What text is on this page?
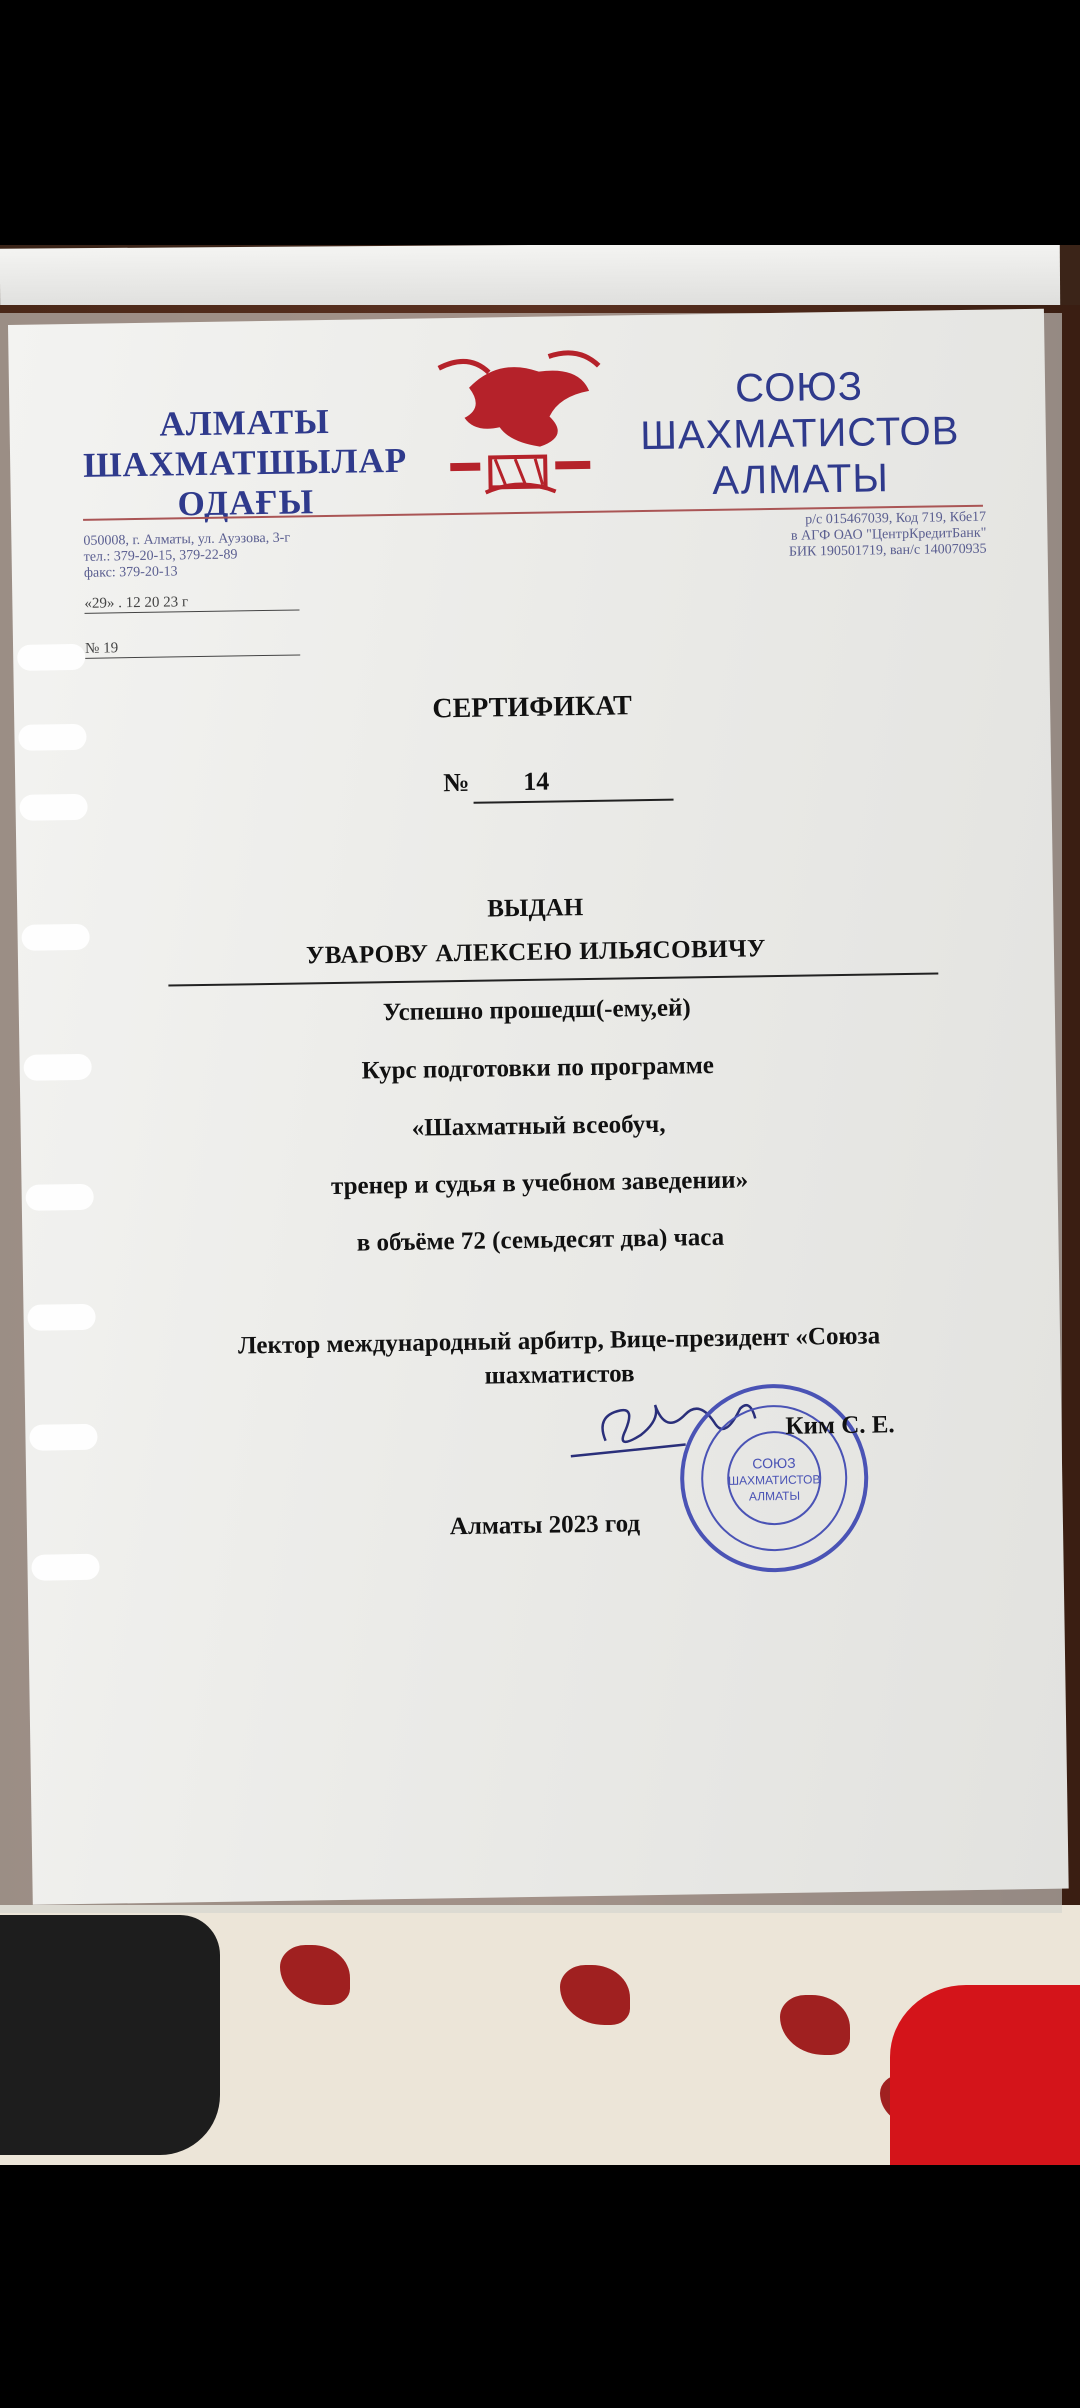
АЛМАТЫ
ШАХМАТШЫЛАР
ОДАҒЫ
СОЮЗ
ШАХМАТИСТОВ
АЛМАТЫ
050008, г. Алматы, ул. Ауэзова, 3-г
тел.: 379-20-15, 379-22-89
факс: 379-20-13
р/с 015467039, Код 719, Кбе17
в АГФ ОАО "ЦентрКредитБанк"
БИК 190501719, ван/с 140070935
«29» . 12 20 23 г
№ 19
СЕРТИФИКАТ
№ 14
ВЫДАН
УВАРОВУ АЛЕКСЕЮ ИЛЬЯСОВИЧУ
Успешно прошедш(-ему,ей)
Курс подготовки по программе
«Шахматный всеобуч,
тренер и судья в учебном заведении»
в объёме 72 (семьдесят два) часа
Лектор международный арбитр, Вице-президент «Союза шахматистов
СОЮЗ
ШАХМАТИСТОВ
АЛМАТЫ
Ким С. Е.
Алматы 2023 год
